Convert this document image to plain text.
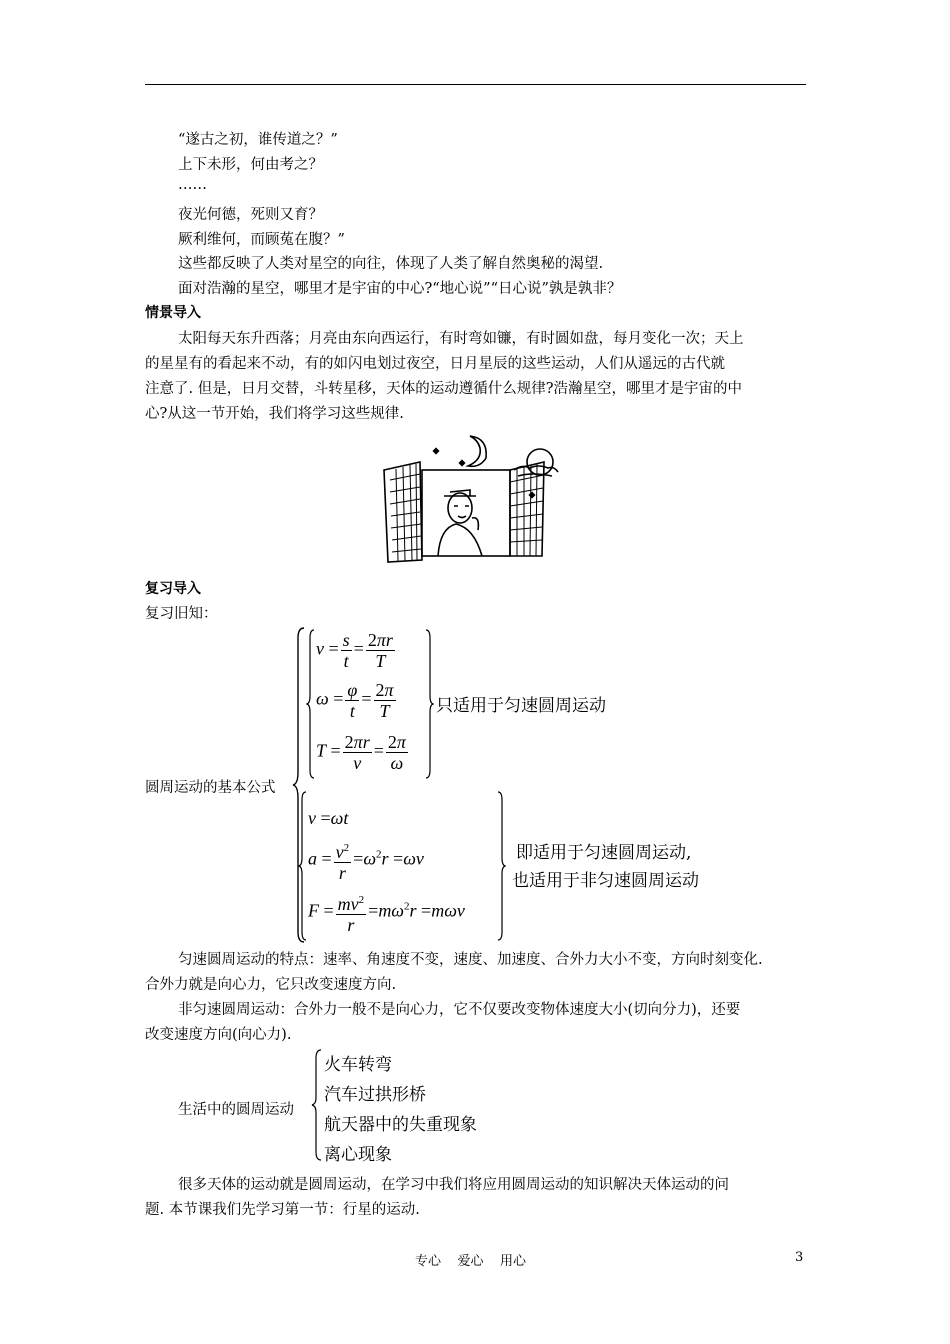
“遂古之初，谁传道之？”
上下未形，何由考之？
……
夜光何德，死则又育？
厥利维何，而顾菟在腹？”
这些都反映了人类对星空的向往，体现了人类了解自然奥秘的渴望.
面对浩瀚的星空，哪里才是宇宙的中心?“地心说”“日心说”孰是孰非？
情景导入
太阳每天东升西落；月亮由东向西运行，有时弯如镰，有时圆如盘，每月变化一次；天上
的星星有的看起来不动，有的如闪电划过夜空，日月星辰的这些运动，人们从遥远的古代就
注意了. 但是，日月交替，斗转星移，天体的运动遵循什么规律?浩瀚星空，哪里才是宇宙的中
心?从这一节开始，我们将学习这些规律.
复习导入
复习旧知：
圆周运动的基本公式
$v = \frac{s}{t} = \frac{2\pi r}{T}$
$\omega = \frac{\varphi}{t} = \frac{2\pi}{T}$
$T = \frac{2\pi r}{v} = \frac{2\pi}{\omega}$
只适用于匀速圆周运动
v =ωt
$a = \frac{v^2}{r} =\omega^2r =\omega v$
$F = \frac{mv^2}{r} =m\omega^2r =m\omega v$
即适用于匀速圆周运动,
也适用于非匀速圆周运动
匀速圆周运动的特点：速率、角速度不变，速度、加速度、合外力大小不变，方向时刻变化.
合外力就是向心力，它只改变速度方向.
非匀速圆周运动：合外力一般不是向心力，它不仅要改变物体速度大小(切向分力)，还要
改变速度方向(向心力).
生活中的圆周运动
火车转弯
汽车过拱形桥
航天器中的失重现象
离心现象
很多天体的运动就是圆周运动，在学习中我们将应用圆周运动的知识解决天体运动的问
题. 本节课我们先学习第一节：行星的运动.
专心    爱心    用心	3
